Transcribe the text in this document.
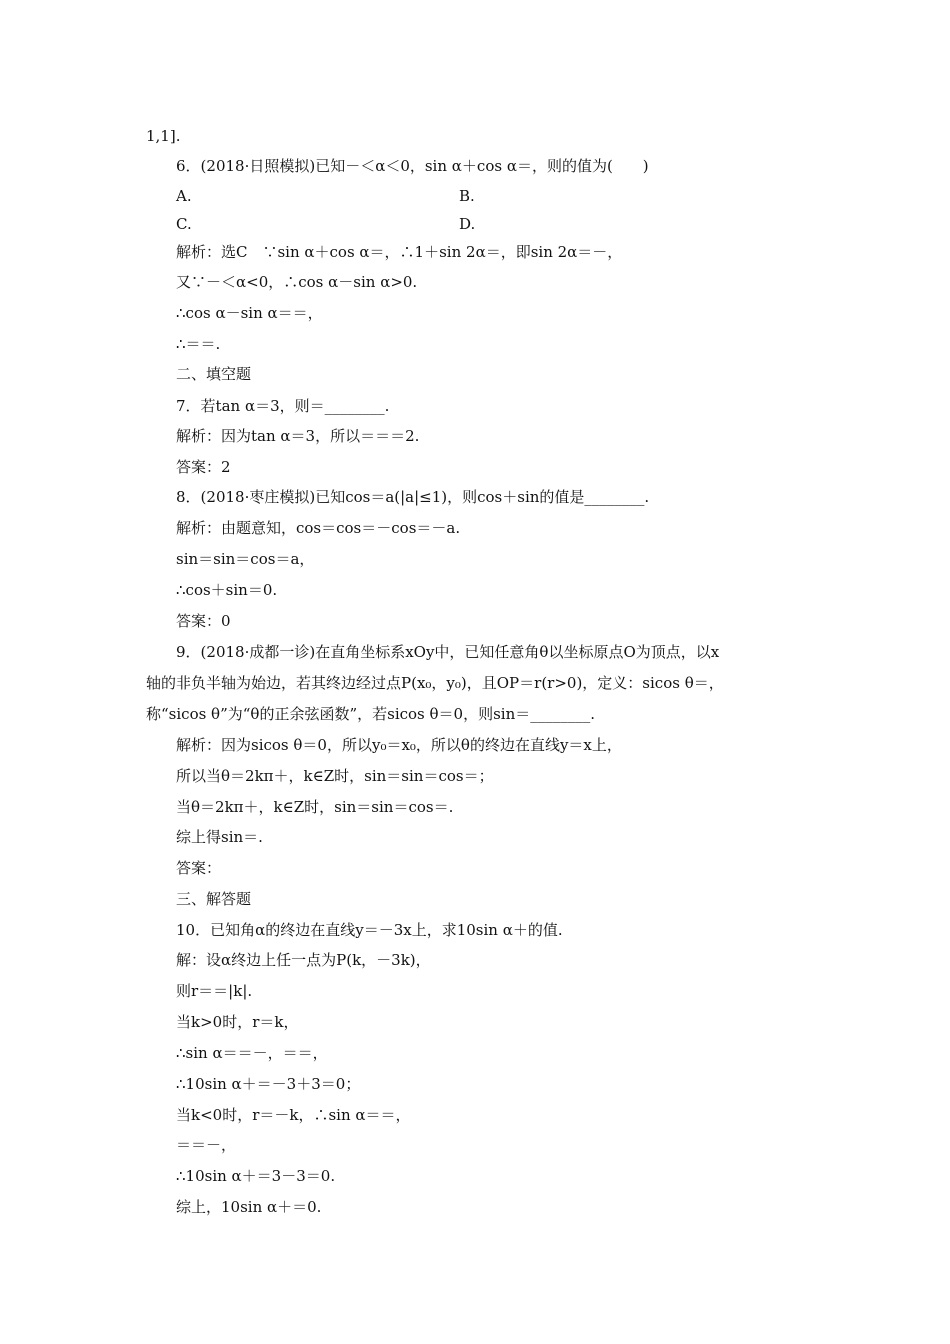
1,1].
6．(2018·日照模拟)已知－＜α＜0，sin α＋cos α＝，则的值为(　　)
A.	B.
C.	D.
解析：选C　∵sin α＋cos α＝，∴1＋sin 2α＝，即sin 2α＝－，
又∵－＜α<0，∴cos α－sin α>0.
∴cos α－sin α＝＝，
∴＝＝.
二、填空题
7．若tan α＝3，则＝________.
解析：因为tan α＝3，所以＝＝＝2.
答案：2
8．(2018·枣庄模拟)已知cos＝a(|a|≤1)，则cos＋sin的值是________.
解析：由题意知，cos＝cos＝－cos＝－a.
sin＝sin＝cos＝a，
∴cos＋sin＝0.
答案：0
9．(2018·成都一诊)在直角坐标系xOy中，已知任意角θ以坐标原点O为顶点，以x
轴的非负半轴为始边，若其终边经过点P(x₀，y₀)，且OP＝r(r>0)，定义：sicos θ＝，
称“sicos θ”为“θ的正余弦函数”，若sicos θ＝0，则sin＝________.
解析：因为sicos θ＝0，所以y₀＝x₀，所以θ的终边在直线y＝x上，
所以当θ＝2kπ＋，k∈Z时，sin＝sin＝cos＝；
当θ＝2kπ＋，k∈Z时，sin＝sin＝cos＝.
综上得sin＝.
答案：
三、解答题
10．已知角α的终边在直线y＝－3x上，求10sin α＋的值.
解：设α终边上任一点为P(k，－3k)，
则r＝＝|k|.
当k>0时，r＝k，
∴sin α＝＝－，＝＝，
∴10sin α＋＝－3＋3＝0；
当k<0时，r＝－k，∴sin α＝＝，
＝＝－，
∴10sin α＋＝3－3＝0.
综上，10sin α＋＝0.
